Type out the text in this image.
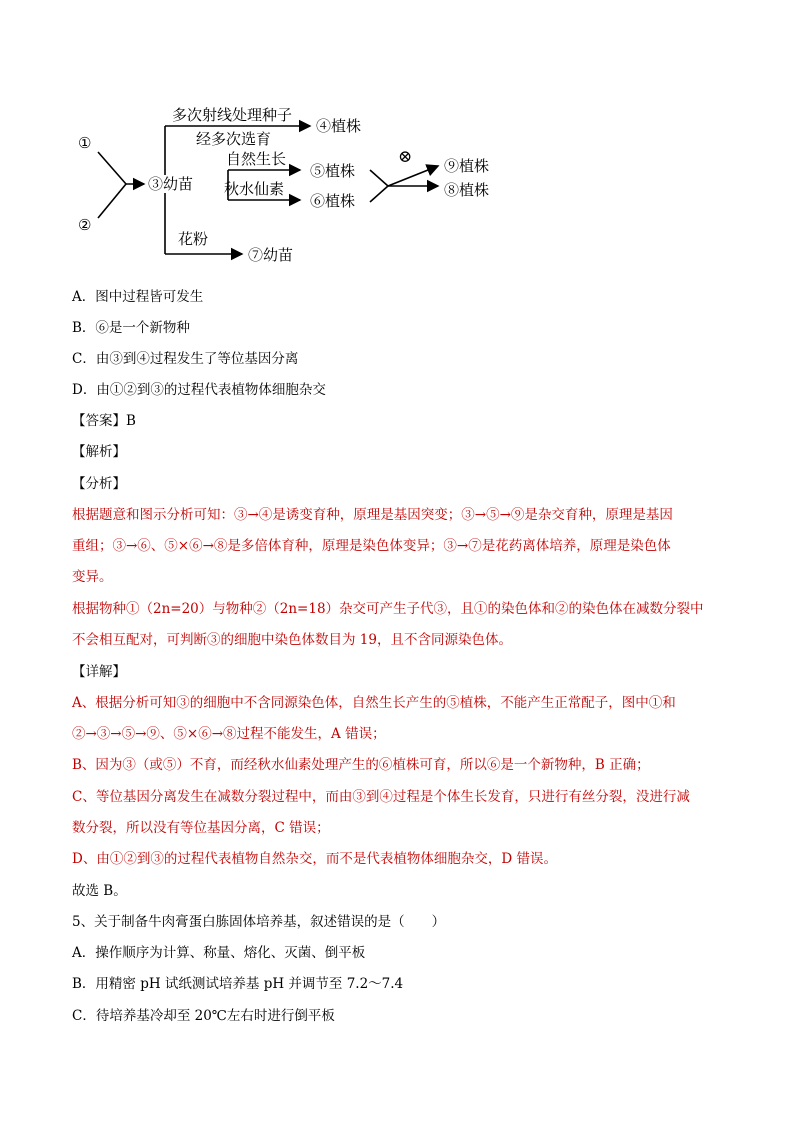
①
②
③幼苗
多次射线处理种子
经多次选育
④植株
自然生长
秋水仙素
⑤植株
⑥植株
⊗ ⑨植株
⑧植株
花粉
⑦幼苗
A．图中过程皆可发生
B．⑥是一个新物种
C．由③到④过程发生了等位基因分离
D．由①②到③的过程代表植物体细胞杂交
【答案】B
【解析】
【分析】
根据题意和图示分析可知：③→④是诱变育种，原理是基因突变；③→⑤→⑨是杂交育种，原理是基因
重组；③→⑥、⑤×⑥→⑧是多倍体育种，原理是染色体变异；③→⑦是花药离体培养，原理是染色体
变异。
根据物种①（2n=20）与物种②（2n=18）杂交可产生子代③，且①的染色体和②的染色体在减数分裂中
不会相互配对，可判断③的细胞中染色体数目为 19，且不含同源染色体。
【详解】
A、根据分析可知③的细胞中不含同源染色体，自然生长产生的⑤植株，不能产生正常配子，图中①和
②→③→⑤→⑨、⑤×⑥→⑧过程不能发生，A 错误；
B、因为③（或⑤）不育，而经秋水仙素处理产生的⑥植株可育，所以⑥是一个新物种，B 正确；
C、等位基因分离发生在减数分裂过程中，而由③到④过程是个体生长发育，只进行有丝分裂，没进行减
数分裂，所以没有等位基因分离，C 错误；
D、由①②到③的过程代表植物自然杂交，而不是代表植物体细胞杂交，D 错误。
故选 B。
5、关于制备牛肉膏蛋白胨固体培养基，叙述错误的是（　　）
A．操作顺序为计算、称量、熔化、灭菌、倒平板
B．用精密 pH 试纸测试培养基 pH 并调节至 7.2～7.4
C．待培养基冷却至 20℃左右时进行倒平板
